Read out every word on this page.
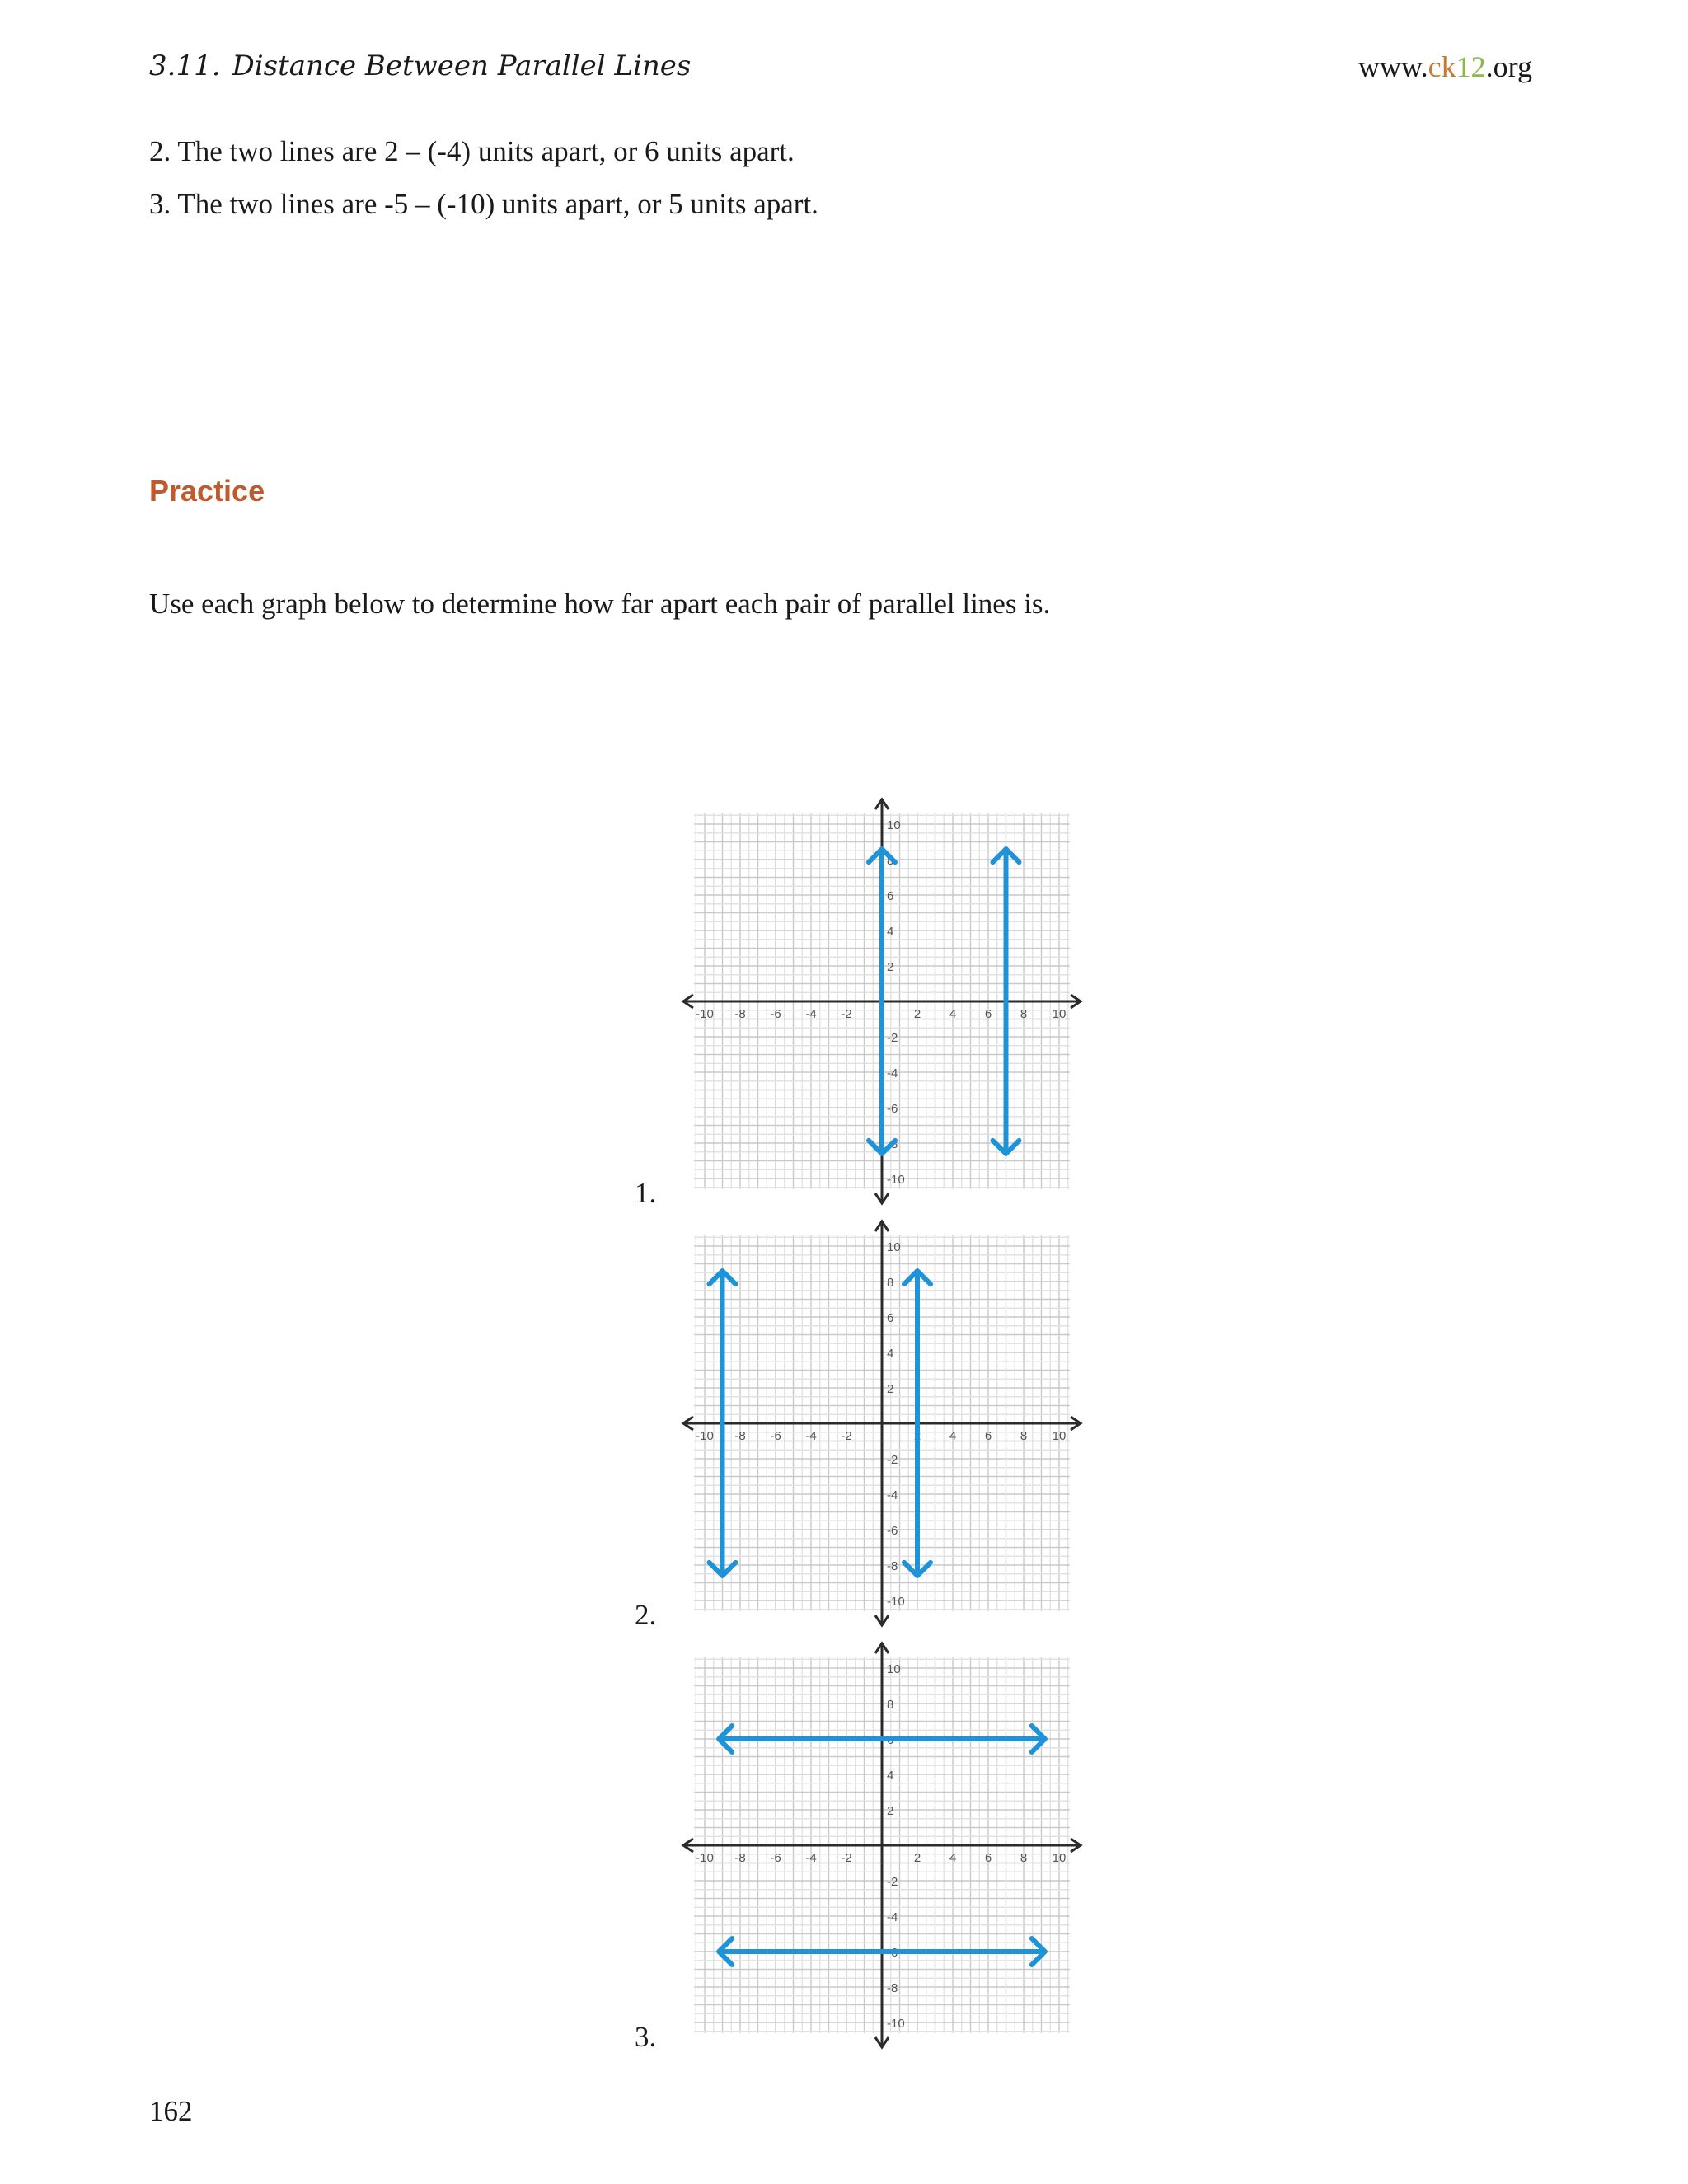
3.11. Distance Between Parallel Lines	www.ck12.org
2. The two lines are 2 – (-4) units apart, or 6 units apart.
3. The two lines are -5 – (-10) units apart, or 5 units apart.
Practice
Use each graph below to determine how far apart each pair of parallel lines is.
1.
2.
3.
-10 -8 -6 -4 -2	2 4 6 8 10
10
8
6
4
2
-2
-4
-6
-8
-10
-10 -8 -6 -4 -2	2 4 6 8 10
10
8
6
4
2
-2
-4
-6
-8
-10
-10 -8 -6 -4 -2	2 4 6 8 10
10
8
6
4
2
-2
-4
-6
-8
-10
162
